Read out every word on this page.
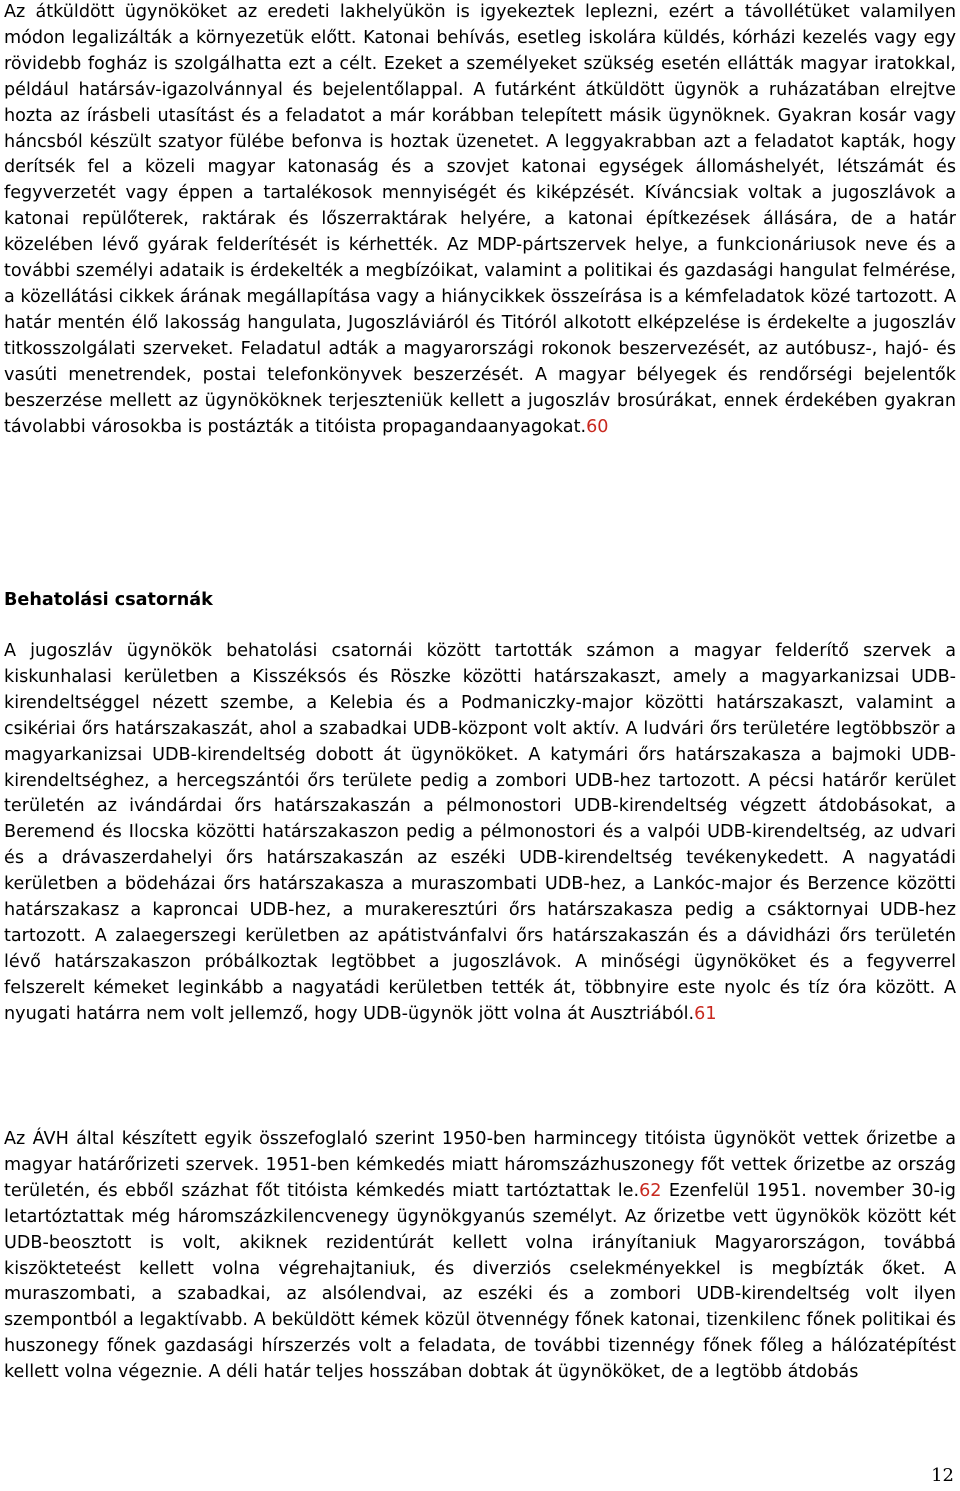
Az átküldött ügynököket az eredeti lakhelyükön is igyekeztek leplezni, ezért a távollétüket valamilyen módon legalizálták a környezetük előtt. Katonai behívás, esetleg iskolára küldés, kórházi kezelés vagy egy rövidebb fogház is szolgálhatta ezt a célt. Ezeket a személyeket szükség esetén ellátták magyar iratokkal, például határsáv-igazolvánnyal és bejelentőlappal. A futárként átküldött ügynök a ruházatában elrejtve hozta az írásbeli utasítást és a feladatot a már korábban telepített másik ügynöknek. Gyakran kosár vagy háncsból készült szatyor fülébe befonva is hoztak üzenetet. A leggyakrabban azt a feladatot kapták, hogy derítsék fel a közeli magyar katonaság és a szovjet katonai egységek állomáshelyét, létszámát és fegyverzetét vagy éppen a tartalékosok mennyiségét és kiképzését. Kíváncsiak voltak a jugoszlávok a katonai repülőterek, raktárak és lőszerraktárak helyére, a katonai építkezések állására, de a határ közelében lévő gyárak felderítését is kérhették. Az MDP-pártszervek helye, a funkcionáriusok neve és a további személyi adataik is érdekelték a megbízóikat, valamint a politikai és gazdasági hangulat felmérése, a közellátási cikkek árának megállapítása vagy a hiánycikkek összeírása is a kémfeladatok közé tartozott. A határ mentén élő lakosság hangulata, Jugoszláviáról és Titóról alkotott elképzelése is érdekelte a jugoszláv titkosszolgálati szerveket. Feladatul adták a magyarországi rokonok beszervezését, az autóbusz-, hajó- és vasúti menetrendek, postai telefonkönyvek beszerzését. A magyar bélyegek és rendőrségi bejelentők beszerzése mellett az ügynököknek terjeszteniük kellett a jugoszláv brosúrákat, ennek érdekében gyakran távolabbi városokba is postázták a titóista propagandaanyagokat.60

Behatolási csatornák

A jugoszláv ügynökök behatolási csatornái között tartották számon a magyar felderítő szervek a kiskunhalasi kerületben a Kisszéksós és Röszke közötti határszakaszt, amely a magyarkanizsai UDB-kirendeltséggel nézett szembe, a Kelebia és a Podmaniczky-major közötti határszakaszt, valamint a csikériai őrs határszakaszát, ahol a szabadkai UDB-központ volt aktív. A ludvári őrs területére legtöbbször a magyarkanizsai UDB-kirendeltség dobott át ügynököket. A katymári őrs határszakasza a bajmoki UDB-kirendeltséghez, a hercegszántói őrs területe pedig a zombori UDB-hez tartozott. A pécsi határőr kerület területén az ivándárdai őrs határszakaszán a pélmonostori UDB-kirendeltség végzett átdobásokat, a Beremend és Ilocska közötti határszakaszon pedig a pélmonostori és a valpói UDB-kirendeltség, az udvari és a drávaszerdahelyi őrs határszakaszán az eszéki UDB-kirendeltség tevékenykedett. A nagyatádi kerületben a bödeházai őrs határszakasza a muraszombati UDB-hez, a Lankóc-major és Berzence közötti határszakasz a kaproncai UDB-hez, a murakeresztúri őrs határszakasza pedig a csáktornyai UDB-hez tartozott. A zalaegerszegi kerületben az apátistvánfalvi őrs határszakaszán és a dávidházi őrs területén lévő határszakaszon próbálkoztak legtöbbet a jugoszlávok. A minőségi ügynököket és a fegyverrel felszerelt kémeket leginkább a nagyatádi kerületben tették át, többnyire este nyolc és tíz óra között. A nyugati határra nem volt jellemző, hogy UDB-ügynök jött volna át Ausztriából.61

Az ÁVH által készített egyik összefoglaló szerint 1950-ben harmincegy titóista ügynököt vettek őrizetbe a magyar határőrizeti szervek. 1951-ben kémkedés miatt háromszázhuszonegy főt vettek őrizetbe az ország területén, és ebből százhat főt titóista kémkedés miatt tartóztattak le.62 Ezenfelül 1951. november 30-ig letartóztattak még háromszázkilencvenegy ügynökgyanús személyt. Az őrizetbe vett ügynökök között két UDB-beosztott is volt, akiknek rezidentúrát kellett volna irányítaniuk Magyarországon, továbbá kiszökteteést kellett volna végrehajtaniuk, és diverziós cselekményekkel is megbízták őket. A muraszombati, a szabadkai, az alsólendvai, az eszéki és a zombori UDB-kirendeltség volt ilyen szempontból a legaktívabb. A beküldött kémek közül ötvennégy főnek katonai, tizenkilenc főnek politikai és huszonegy főnek gazdasági hírszerzés volt a feladata, de további tizennégy főnek főleg a hálózatépítést kellett volna végeznie. A déli határ teljes hosszában dobtak át ügynököket, de a legtöbb átdobás

12
